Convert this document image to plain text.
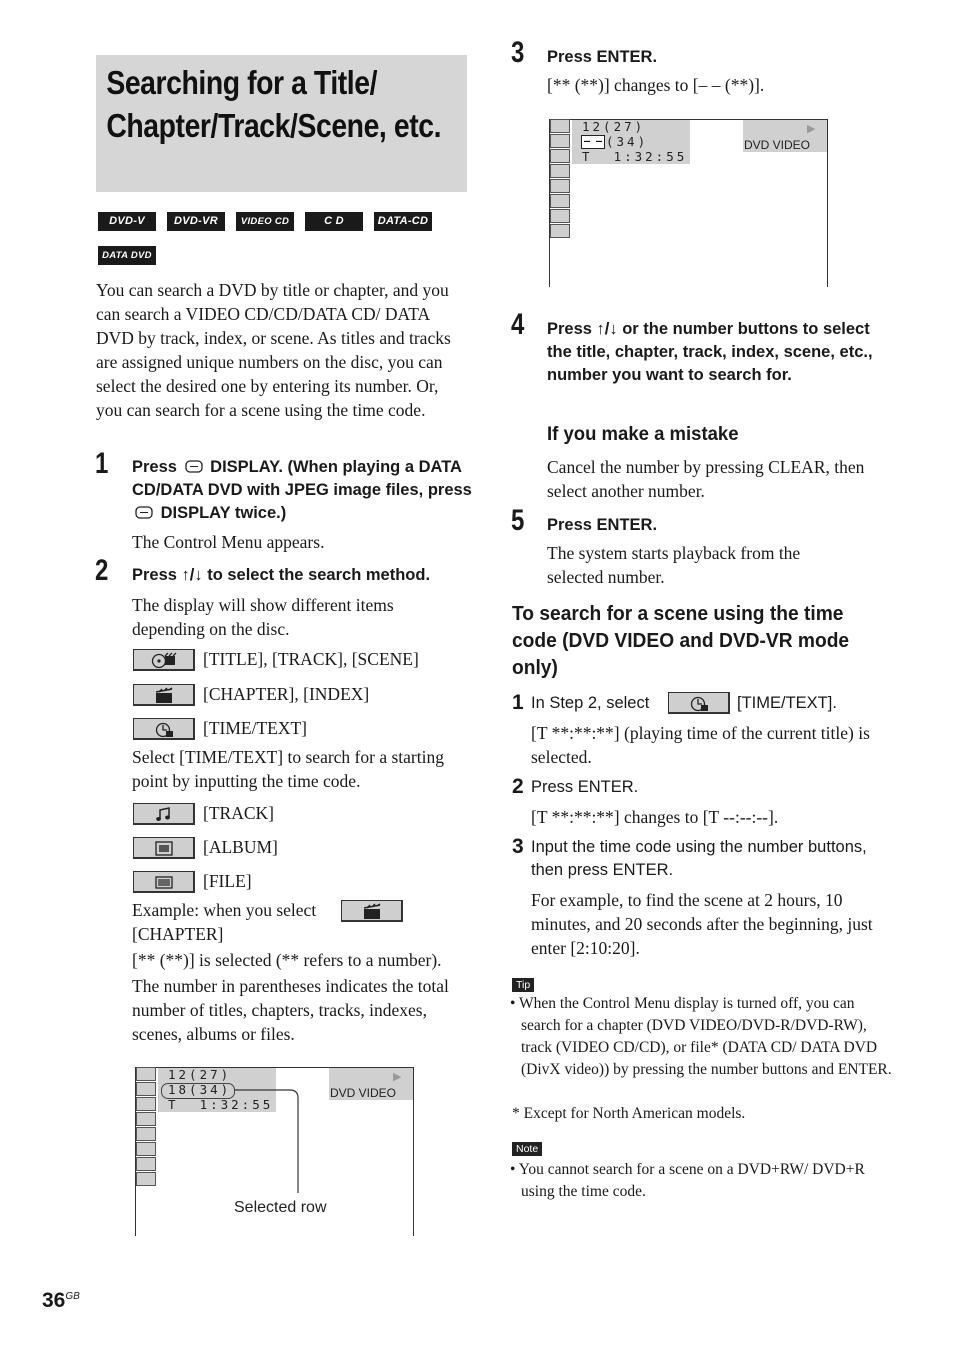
Searching for a Title/ Chapter/Track/Scene, etc.
DVD-V	DVD-VR	VIDEO CD	C D	DATA-CD
DATA DVD
You can search a DVD by title or chapter, and you can search a VIDEO CD/CD/DATA CD/ DATA DVD by track, index, or scene. As titles and tracks are assigned unique numbers on the disc, you can select the desired one by entering its number. Or, you can search for a scene using the time code.
1 Press DISPLAY. (When playing a DATA CD/DATA DVD with JPEG image files, press  DISPLAY twice.)
The Control Menu appears.
2 Press ↑/↓ to select the search method.
The display will show different items depending on the disc.
[TITLE], [TRACK], [SCENE]
[CHAPTER], [INDEX]
[TIME/TEXT]
Select [TIME/TEXT] to search for a starting point by inputting the time code.
[TRACK]
[ALBUM]
[FILE]
Example: when you select
[CHAPTER]
[** (**)] is selected (** refers to a number).
The number in parentheses indicates the total number of titles, chapters, tracks, indexes, scenes, albums or files.
12(27)
18(34)
T  1:32:55
DVD VIDEO
▶
Selected row
3 Press ENTER.
[** (**)] changes to [– – (**)].
12(27)
– – (34)
T  1:32:55
DVD VIDEO
▶
4 Press ↑/↓ or the number buttons to select the title, chapter, track, index, scene, etc., number you want to search for.
If you make a mistake
Cancel the number by pressing CLEAR, then select another number.
5 Press ENTER.
The system starts playback from the selected number.
To search for a scene using the time code (DVD VIDEO and DVD-VR mode only)
1 In Step 2, select	[TIME/TEXT].
[T **:**:**] (playing time of the current title) is selected.
2 Press ENTER.
[T **:**:**] changes to [T --:--:--].
3 Input the time code using the number buttons, then press ENTER.
For example, to find the scene at 2 hours, 10 minutes, and 20 seconds after the beginning, just enter [2:10:20].
Tip
• When the Control Menu display is turned off, you can search for a chapter (DVD VIDEO/DVD-R/DVD-RW), track (VIDEO CD/CD), or file* (DATA CD/ DATA DVD (DivX video)) by pressing the number buttons and ENTER.
* Except for North American models.
Note
• You cannot search for a scene on a DVD+RW/ DVD+R using the time code.
$36^{GB}$
